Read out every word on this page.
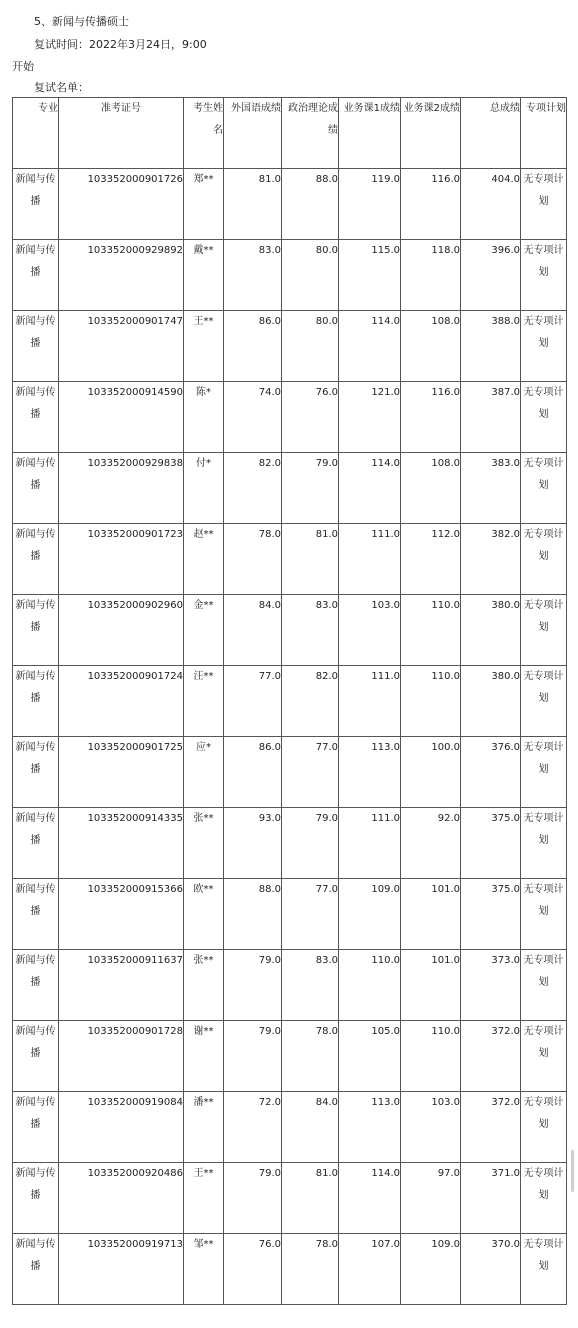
5、新闻与传播硕士
复试时间：2022年3月24日，9:00
开始
复试名单：
专业	准考证号	考生姓名	外国语成绩	政治理论成绩	业务课1成绩	业务课2成绩	总成绩	专项计划
新闻与传播	103352000901726	郑**	81.0	88.0	119.0	116.0	404.0	无专项计划
新闻与传播	103352000929892	戴**	83.0	80.0	115.0	118.0	396.0	无专项计划
新闻与传播	103352000901747	王**	86.0	80.0	114.0	108.0	388.0	无专项计划
新闻与传播	103352000914590	陈*	74.0	76.0	121.0	116.0	387.0	无专项计划
新闻与传播	103352000929838	付*	82.0	79.0	114.0	108.0	383.0	无专项计划
新闻与传播	103352000901723	赵**	78.0	81.0	111.0	112.0	382.0	无专项计划
新闻与传播	103352000902960	金**	84.0	83.0	103.0	110.0	380.0	无专项计划
新闻与传播	103352000901724	汪**	77.0	82.0	111.0	110.0	380.0	无专项计划
新闻与传播	103352000901725	应*	86.0	77.0	113.0	100.0	376.0	无专项计划
新闻与传播	103352000914335	张**	93.0	79.0	111.0	92.0	375.0	无专项计划
新闻与传播	103352000915366	欧**	88.0	77.0	109.0	101.0	375.0	无专项计划
新闻与传播	103352000911637	张**	79.0	83.0	110.0	101.0	373.0	无专项计划
新闻与传播	103352000901728	谢**	79.0	78.0	105.0	110.0	372.0	无专项计划
新闻与传播	103352000919084	潘**	72.0	84.0	113.0	103.0	372.0	无专项计划
新闻与传播	103352000920486	王**	79.0	81.0	114.0	97.0	371.0	无专项计划
新闻与传播	103352000919713	邹**	76.0	78.0	107.0	109.0	370.0	无专项计划
